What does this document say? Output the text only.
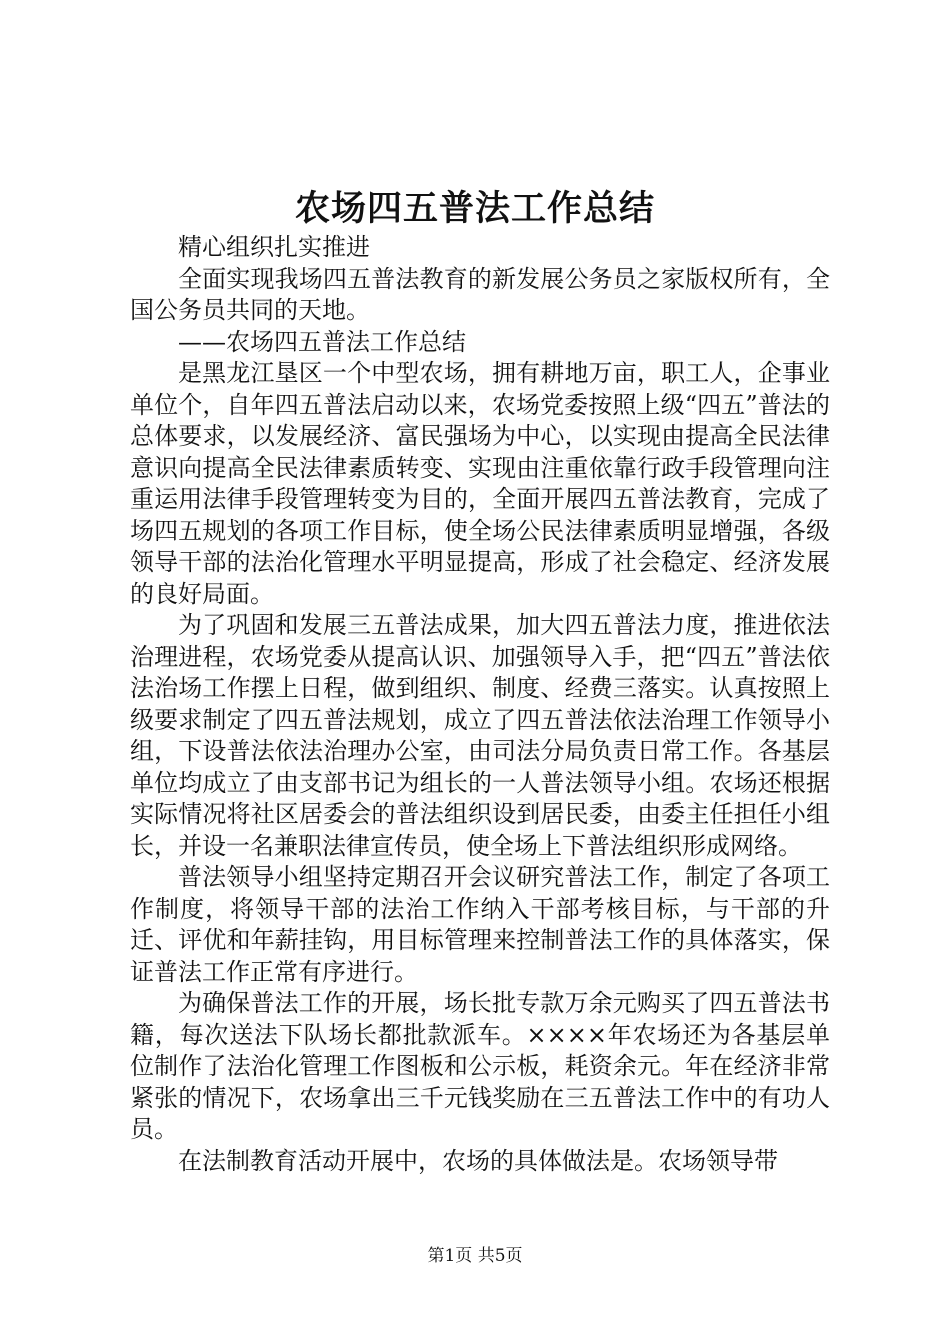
农场四五普法工作总结

精心组织扎实推进

全面实现我场四五普法教育的新发展公务员之家版权所有，全国公务员共同的天地。

——农场四五普法工作总结

是黑龙江垦区一个中型农场，拥有耕地万亩，职工人，企事业单位个，自年四五普法启动以来，农场党委按照上级“四五”普法的总体要求，以发展经济、富民强场为中心，以实现由提高全民法律意识向提高全民法律素质转变、实现由注重依靠行政手段管理向注重运用法律手段管理转变为目的，全面开展四五普法教育，完成了场四五规划的各项工作目标，使全场公民法律素质明显增强，各级领导干部的法治化管理水平明显提高，形成了社会稳定、经济发展的良好局面。

为了巩固和发展三五普法成果，加大四五普法力度，推进依法治理进程，农场党委从提高认识、加强领导入手，把“四五”普法依法治场工作摆上日程，做到组织、制度、经费三落实。认真按照上级要求制定了四五普法规划，成立了四五普法依法治理工作领导小组，下设普法依法治理办公室，由司法分局负责日常工作。各基层单位均成立了由支部书记为组长的一人普法领导小组。农场还根据实际情况将社区居委会的普法组织设到居民委，由委主任担任小组长，并设一名兼职法律宣传员，使全场上下普法组织形成网络。

普法领导小组坚持定期召开会议研究普法工作，制定了各项工作制度，将领导干部的法治工作纳入干部考核目标，与干部的升迁、评优和年薪挂钩，用目标管理来控制普法工作的具体落实，保证普法工作正常有序进行。

为确保普法工作的开展，场长批专款万余元购买了四五普法书籍，每次送法下队场长都批款派车。××××年农场还为各基层单位制作了法治化管理工作图板和公示板，耗资余元。年在经济非常紧张的情况下，农场拿出三千元钱奖励在三五普法工作中的有功人员。

在法制教育活动开展中，农场的具体做法是。农场领导带

第1页 共5页
